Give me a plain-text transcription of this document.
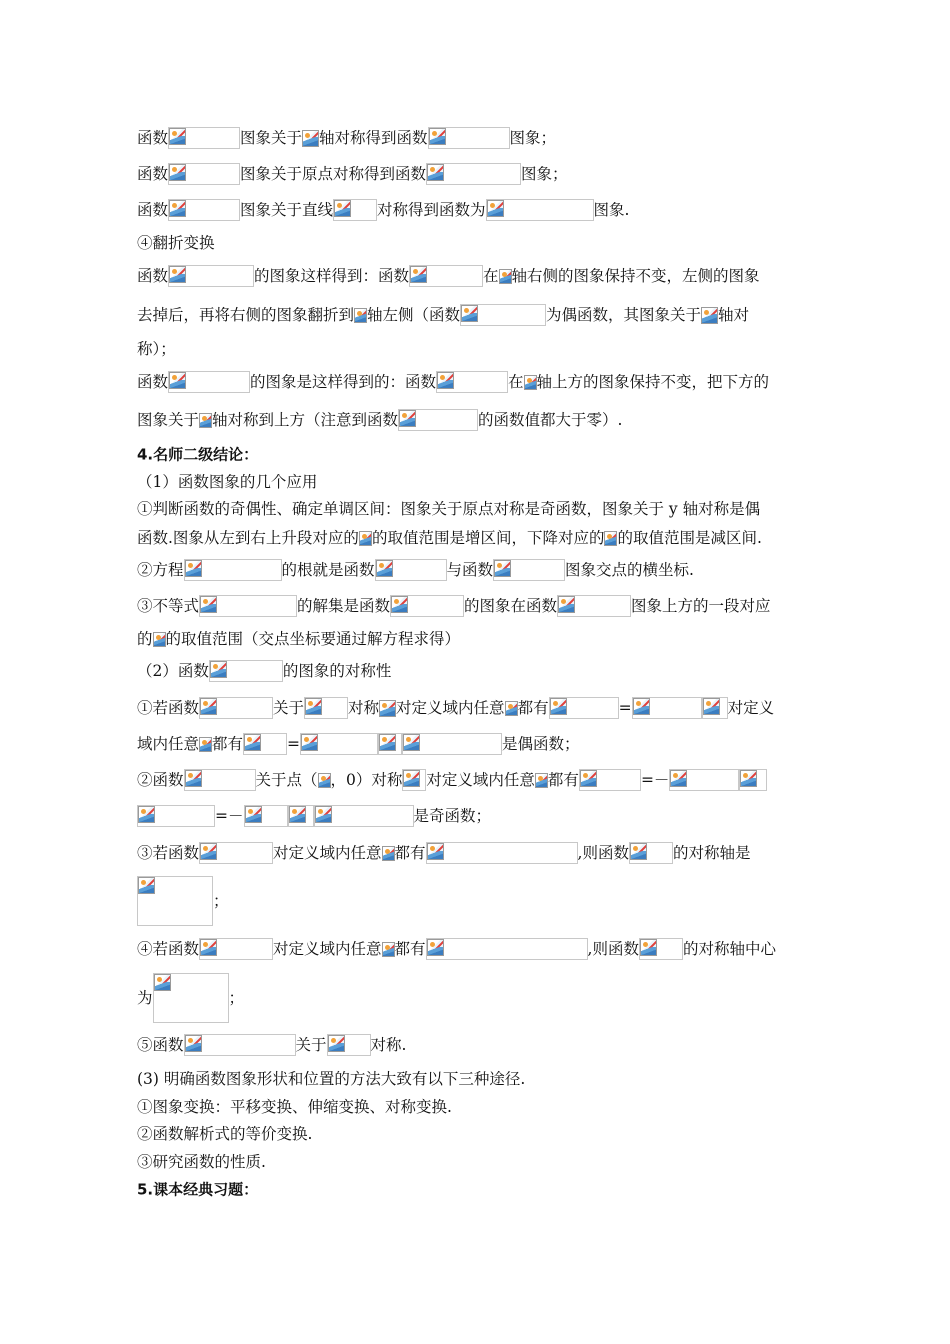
函数	图象关于 轴对称得到函数	图象；
函数	图象关于原点对称得到函数	图象；
函数	图象关于直线	对称得到函数为	图象.
④翻折变换
函数	的图象这样得到：函数	在 轴右侧的图象保持不变，左侧的图象
去掉后，再将右侧的图象翻折到 轴左侧（函数	为偶函数，其图象关于 轴对
称）；
函数	的图象是这样得到的：函数	在 轴上方的图象保持不变，把下方的
图象关于 轴对称到上方（注意到函数	的函数值都大于零）.
4.名师二级结论：
（1）函数图象的几个应用
①判断函数的奇偶性、确定单调区间：图象关于原点对称是奇函数，图象关于 y 轴对称是偶
函数.图象从左到右上升段对应的 的取值范围是增区间，下降对应的 的取值范围是减区间.
②方程	的根就是函数	与函数	图象交点的横坐标.
③不等式	的解集是函数	的图象在函数	图象上方的一段对应
的 的取值范围（交点坐标要通过解方程求得）
（2）函数	的图象的对称性
①若函数	关于	对称 对定义域内任意 都有	=	对定义
域内任意 都有	=	是偶函数；
②函数	关于点（ ，0）对称 对定义域内任意 都有	=－
=－	是奇函数；
③若函数	对定义域内任意 都有	,则函数	的对称轴是
；
④若函数	对定义域内任意 都有	,则函数	的对称轴中心
为	；
⑤函数	关于	对称.
(3) 明确函数图象形状和位置的方法大致有以下三种途径.
①图象变换：平移变换、伸缩变换、对称变换.
②函数解析式的等价变换.
③研究函数的性质.
5.课本经典习题：
